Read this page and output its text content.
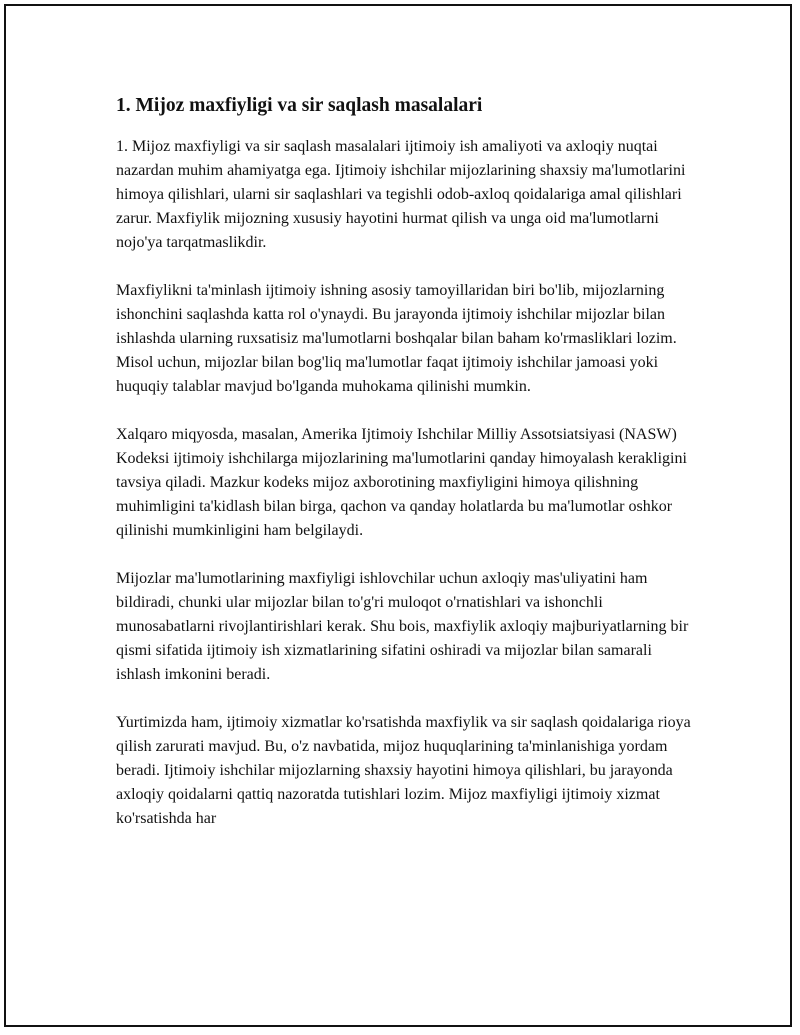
1. Mijoz maxfiyligi va sir saqlash masalalari

1. Mijoz maxfiyligi va sir saqlash masalalari ijtimoiy ish amaliyoti va axloqiy nuqtai nazardan muhim ahamiyatga ega. Ijtimoiy ishchilar mijozlarining shaxsiy ma'lumotlarini himoya qilishlari, ularni sir saqlashlari va tegishli odob-axloq qoidalariga amal qilishlari zarur. Maxfiylik mijozning xususiy hayotini hurmat qilish va unga oid ma'lumotlarni nojo'ya tarqatmaslikdir.

Maxfiylikni ta'minlash ijtimoiy ishning asosiy tamoyillaridan biri bo'lib, mijozlarning ishonchini saqlashda katta rol o'ynaydi. Bu jarayonda ijtimoiy ishchilar mijozlar bilan ishlashda ularning ruxsatisiz ma'lumotlarni boshqalar bilan baham ko'rmasliklari lozim. Misol uchun, mijozlar bilan bog'liq ma'lumotlar faqat ijtimoiy ishchilar jamoasi yoki huquqiy talablar mavjud bo'lganda muhokama qilinishi mumkin.

Xalqaro miqyosda, masalan, Amerika Ijtimoiy Ishchilar Milliy Assotsiatsiyasi (NASW) Kodeksi ijtimoiy ishchilarga mijozlarining ma'lumotlarini qanday himoyalash kerakligini tavsiya qiladi. Mazkur kodeks mijoz axborotining maxfiyligini himoya qilishning muhimligini ta'kidlash bilan birga, qachon va qanday holatlarda bu ma'lumotlar oshkor qilinishi mumkinligini ham belgilaydi.

Mijozlar ma'lumotlarining maxfiyligi ishlovchilar uchun axloqiy mas'uliyatini ham bildiradi, chunki ular mijozlar bilan to'g'ri muloqot o'rnatishlari va ishonchli munosabatlarni rivojlantirishlari kerak. Shu bois, maxfiylik axloqiy majburiyatlarning bir qismi sifatida ijtimoiy ish xizmatlarining sifatini oshiradi va mijozlar bilan samarali ishlash imkonini beradi.

Yurtimizda ham, ijtimoiy xizmatlar ko'rsatishda maxfiylik va sir saqlash qoidalariga rioya qilish zarurati mavjud. Bu, o'z navbatida, mijoz huquqlarining ta'minlanishiga yordam beradi. Ijtimoiy ishchilar mijozlarning shaxsiy hayotini himoya qilishlari, bu jarayonda axloqiy qoidalarni qattiq nazoratda tutishlari lozim. Mijoz maxfiyligi ijtimoiy xizmat ko'rsatishda har
